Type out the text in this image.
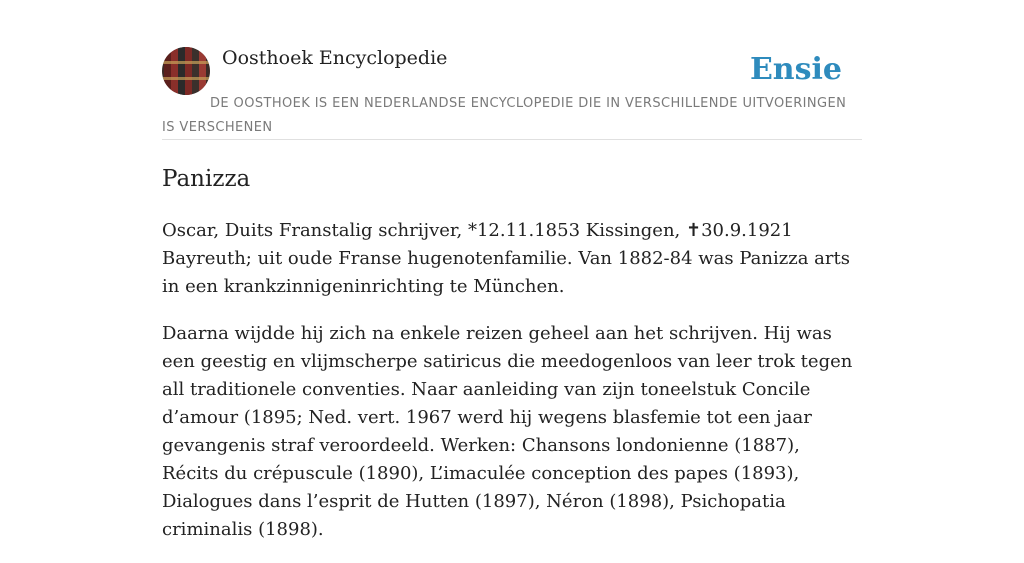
Oosthoek Encyclopedie	Ensie

DE OOSTHOEK IS EEN NEDERLANDSE ENCYCLOPEDIE DIE IN VERSCHILLENDE UITVOERINGEN IS VERSCHENEN

Panizza

Oscar, Duits Franstalig schrijver, *12.11.1853 Kissingen, ✝30.9.1921 Bayreuth; uit oude Franse hugenotenfamilie. Van 1882-84 was Panizza arts in een krankzinnigeninrichting te München.

Daarna wijdde hij zich na enkele reizen geheel aan het schrijven. Hij was een geestig en vlijmscherpe satiricus die meedogenloos van leer trok tegen all traditionele conventies. Naar aanleiding van zijn toneelstuk Concile d’amour (1895; Ned. vert. 1967 werd hij wegens blasfemie tot een jaar gevangenis straf veroordeeld. Werken: Chansons londonienne (1887), Récits du crépuscule (1890), L’imaculée conception des papes (1893), Dialogues dans l’esprit de Hutten (1897), Néron (1898), Psichopatia criminalis (1898).
